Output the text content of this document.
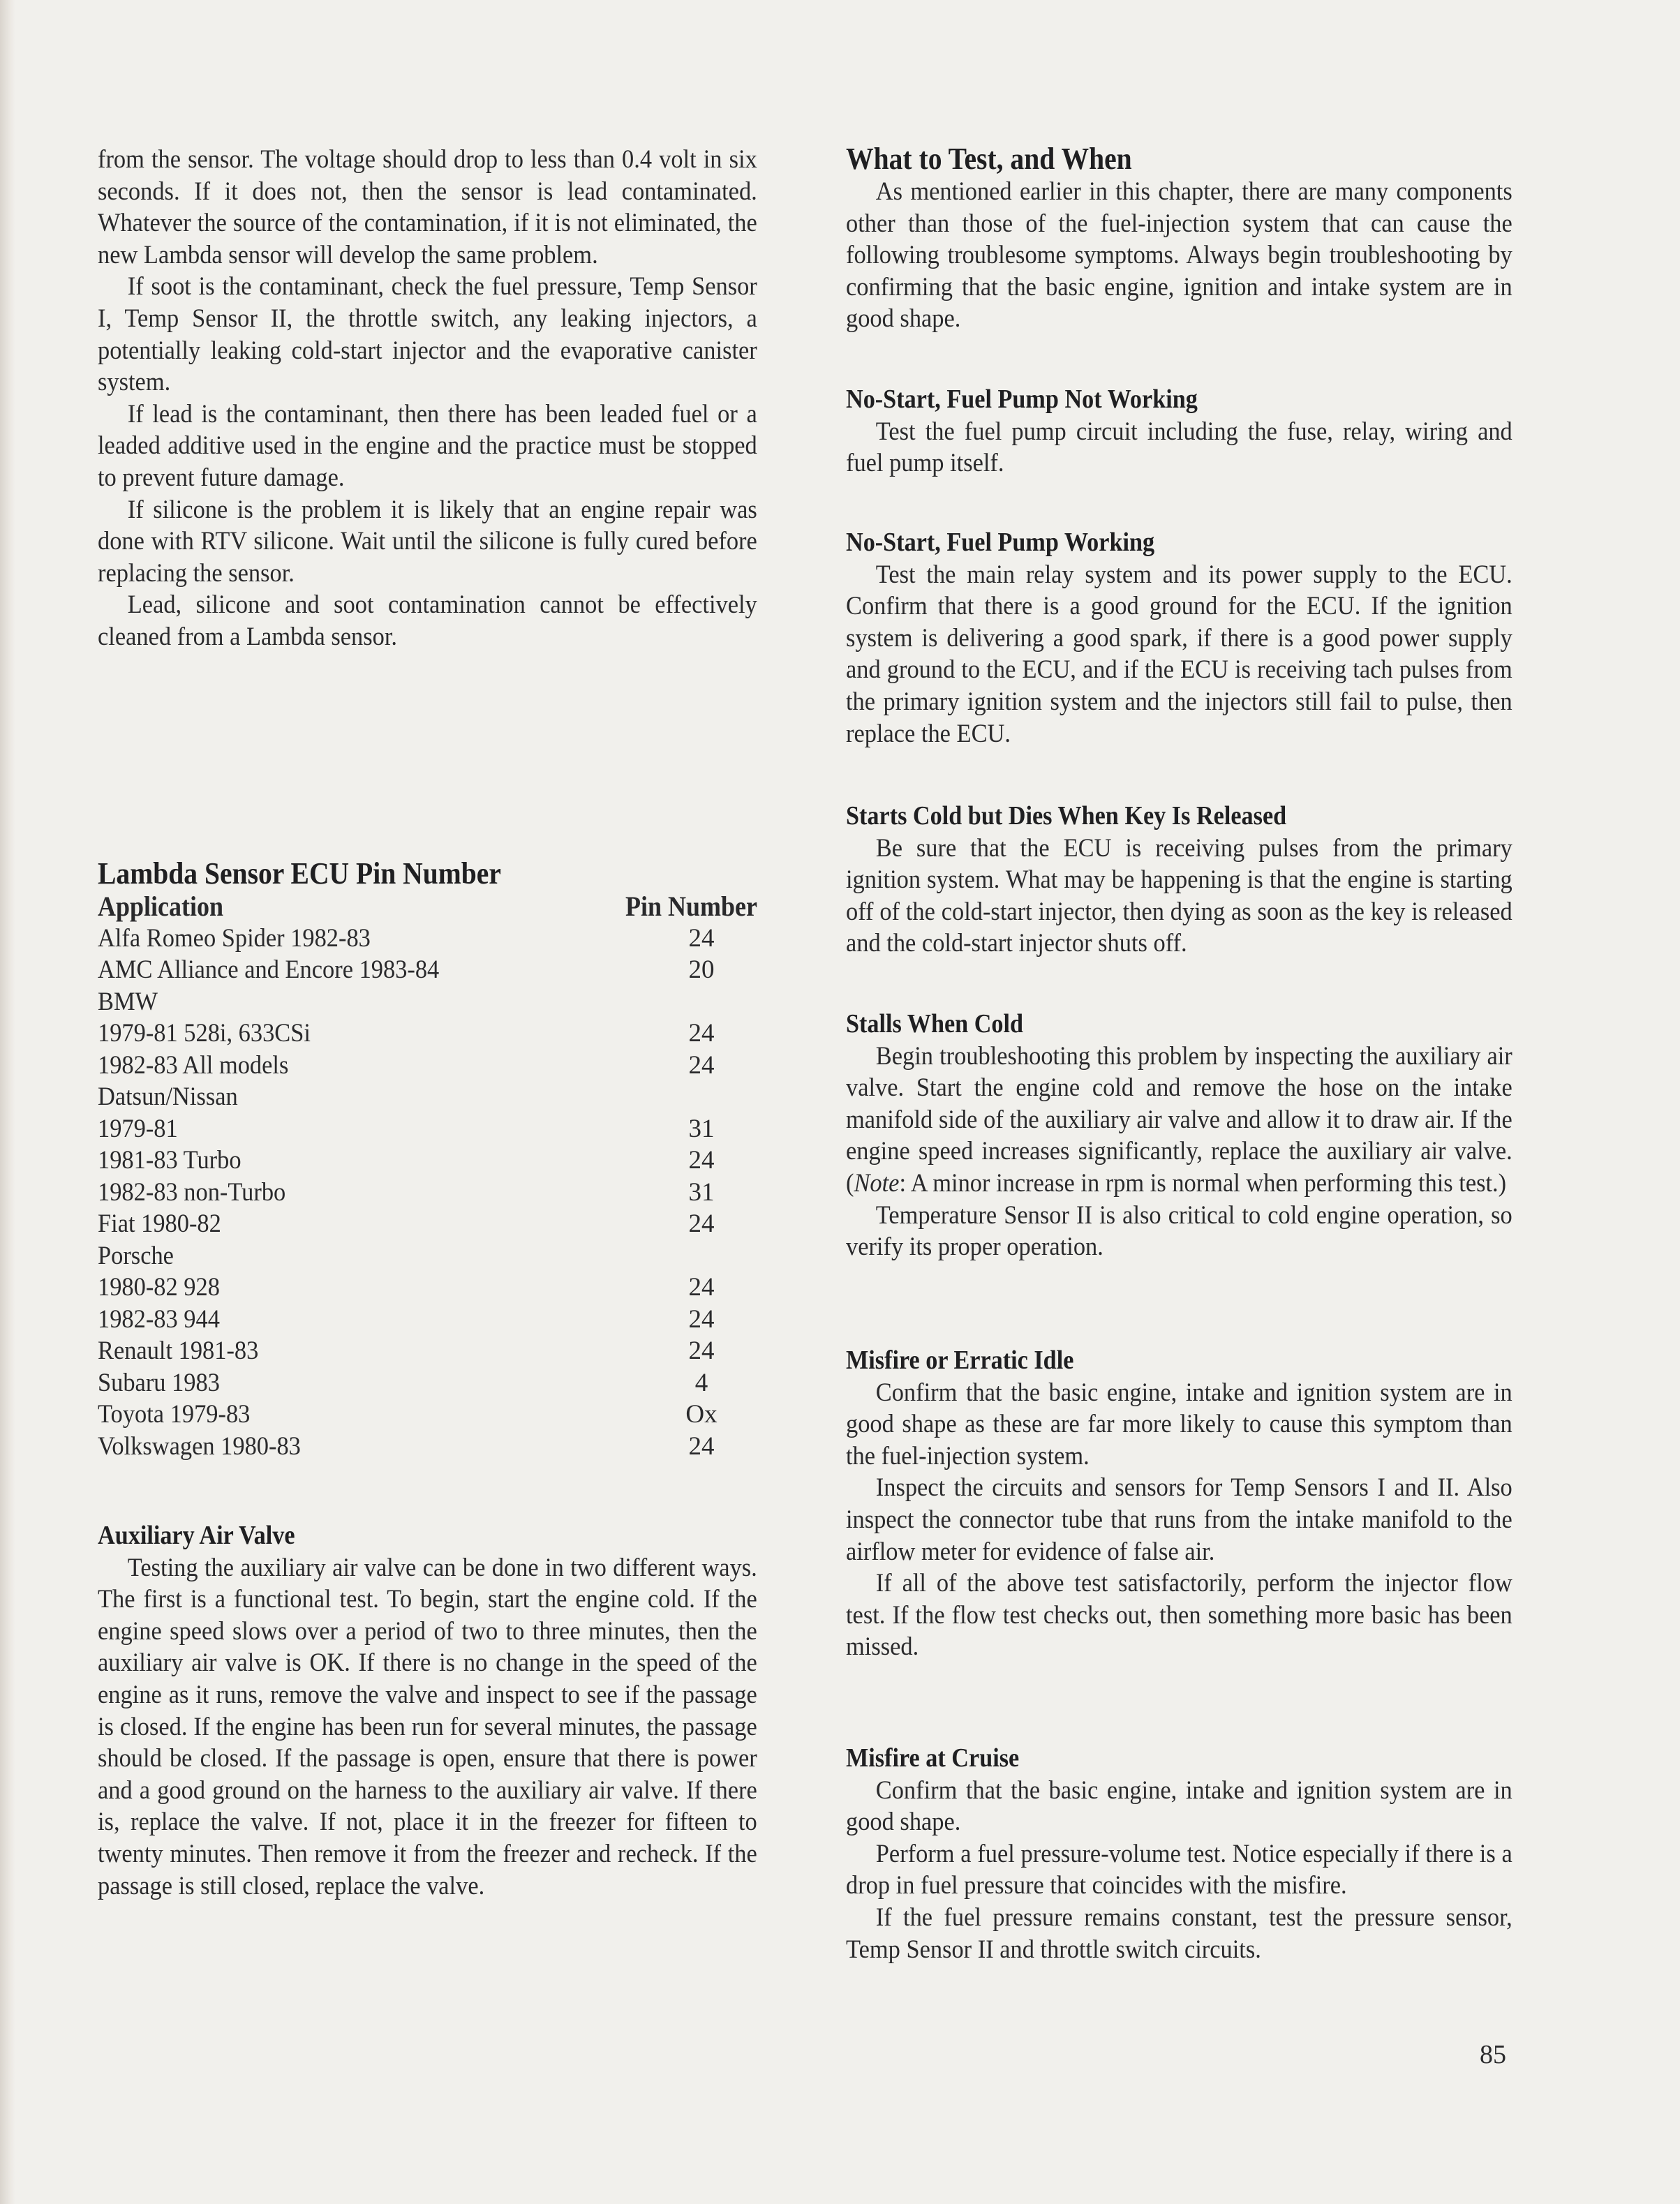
from the sensor. The voltage should drop to less than 0.4 volt in six seconds. If it does not, then the sensor is lead contaminated. Whatever the source of the contamination, if it is not eliminated, the new Lambda sensor will develop the same problem.

If soot is the contaminant, check the fuel pressure, Temp Sensor I, Temp Sensor II, the throttle switch, any leaking injectors, a potentially leaking cold-start injector and the evaporative canister system.

If lead is the contaminant, then there has been leaded fuel or a leaded additive used in the engine and the practice must be stopped to prevent future damage.

If silicone is the problem it is likely that an engine repair was done with RTV silicone. Wait until the silicone is fully cured before replacing the sensor.

Lead, silicone and soot contamination cannot be effectively cleaned from a Lambda sensor.

Lambda Sensor ECU Pin Number
Application	Pin Number
Alfa Romeo Spider 1982-83	24
AMC Alliance and Encore 1983-84	20
BMW
1979-81 528i, 633CSi	24
1982-83 All models	24
Datsun/Nissan
1979-81	31
1981-83 Turbo	24
1982-83 non-Turbo	31
Fiat 1980-82	24
Porsche
1980-82 928	24
1982-83 944	24
Renault 1981-83	24
Subaru 1983	4
Toyota 1979-83	Ox
Volkswagen 1980-83	24
Auxiliary Air Valve

Testing the auxiliary air valve can be done in two different ways. The first is a functional test. To begin, start the engine cold. If the engine speed slows over a period of two to three minutes, then the auxiliary air valve is OK. If there is no change in the speed of the engine as it runs, remove the valve and inspect to see if the passage is closed. If the engine has been run for several minutes, the passage should be closed. If the passage is open, ensure that there is power and a good ground on the harness to the auxiliary air valve. If there is, replace the valve. If not, place it in the freezer for fifteen to twenty minutes. Then remove it from the freezer and recheck. If the passage is still closed, replace the valve.

What to Test, and When

As mentioned earlier in this chapter, there are many components other than those of the fuel-injection system that can cause the following troublesome symptoms. Always begin troubleshooting by confirming that the basic engine, ignition and intake system are in good shape.

No-Start, Fuel Pump Not Working

Test the fuel pump circuit including the fuse, relay, wiring and fuel pump itself.

No-Start, Fuel Pump Working

Test the main relay system and its power supply to the ECU. Confirm that there is a good ground for the ECU. If the ignition system is delivering a good spark, if there is a good power supply and ground to the ECU, and if the ECU is receiving tach pulses from the primary ignition system and the injectors still fail to pulse, then replace the ECU.

Starts Cold but Dies When Key Is Released

Be sure that the ECU is receiving pulses from the primary ignition system. What may be happening is that the engine is starting off of the cold-start injector, then dying as soon as the key is released and the cold-start injector shuts off.

Stalls When Cold

Begin troubleshooting this problem by inspecting the auxiliary air valve. Start the engine cold and remove the hose on the intake manifold side of the auxiliary air valve and allow it to draw air. If the engine speed increases significantly, replace the auxiliary air valve. (Note: A minor increase in rpm is normal when performing this test.)

Temperature Sensor II is also critical to cold engine operation, so verify its proper operation.

Misfire or Erratic Idle

Confirm that the basic engine, intake and ignition system are in good shape as these are far more likely to cause this symptom than the fuel-injection system.

Inspect the circuits and sensors for Temp Sensors I and II. Also inspect the connector tube that runs from the intake manifold to the airflow meter for evidence of false air.

If all of the above test satisfactorily, perform the injector flow test. If the flow test checks out, then something more basic has been missed.

Misfire at Cruise

Confirm that the basic engine, intake and ignition system are in good shape.

Perform a fuel pressure-volume test. Notice especially if there is a drop in fuel pressure that coincides with the misfire.

If the fuel pressure remains constant, test the pressure sensor, Temp Sensor II and throttle switch circuits.

85
